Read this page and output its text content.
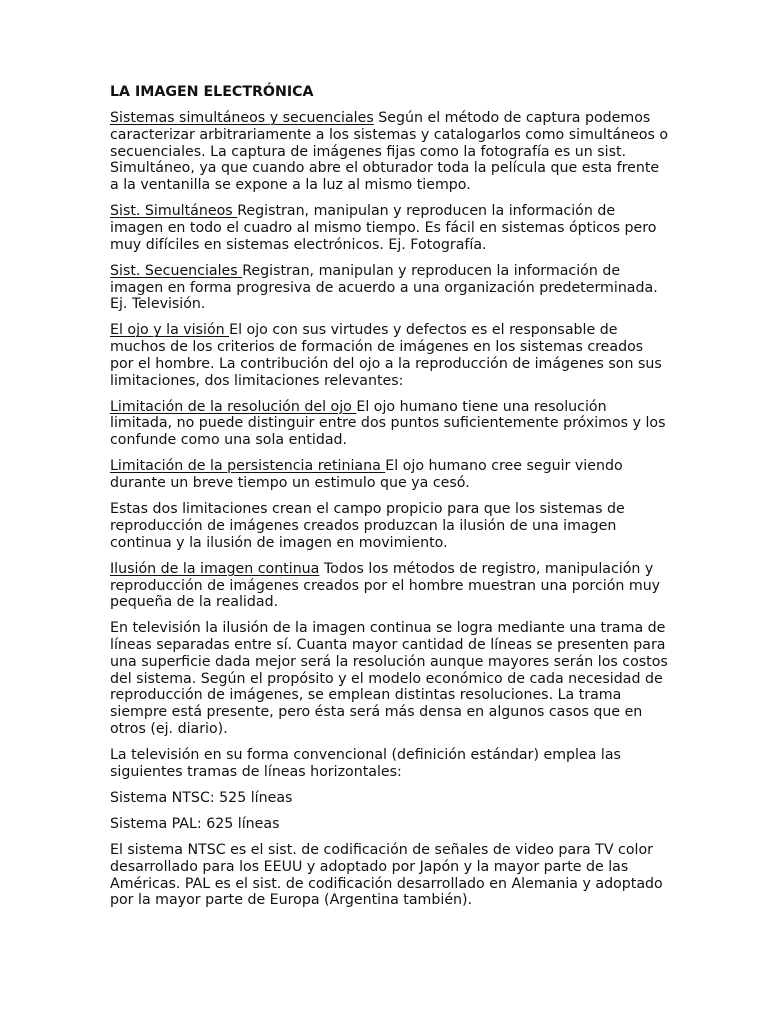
LA IMAGEN ELECTRÓNICA

Sistemas simultáneos y secuenciales Según el método de captura podemos caracterizar arbitrariamente a los sistemas y catalogarlos como simultáneos o secuenciales. La captura de imágenes fijas como la fotografía es un sist. Simultáneo, ya que cuando abre el obturador toda la película que esta frente a la ventanilla se expone a la luz al mismo tiempo.

Sist. Simultáneos Registran, manipulan y reproducen la información de imagen en todo el cuadro al mismo tiempo. Es fácil en sistemas ópticos pero muy difíciles en sistemas electrónicos. Ej. Fotografía.

Sist. Secuenciales Registran, manipulan y reproducen la información de imagen en forma progresiva de acuerdo a una organización predeterminada. Ej. Televisión.

El ojo y la visión El ojo con sus virtudes y defectos es el responsable de muchos de los criterios de formación de imágenes en los sistemas creados por el hombre. La contribución del ojo a la reproducción de imágenes son sus limitaciones, dos limitaciones relevantes:

Limitación de la resolución del ojo El ojo humano tiene una resolución limitada, no puede distinguir entre dos puntos suficientemente próximos y los confunde como una sola entidad.

Limitación de la persistencia retiniana El ojo humano cree seguir viendo durante un breve tiempo un estimulo que ya cesó.

Estas dos limitaciones crean el campo propicio para que los sistemas de reproducción de imágenes creados produzcan la ilusión de una imagen continua y la ilusión de imagen en movimiento.

Ilusión de la imagen continua Todos los métodos de registro, manipulación y reproducción de imágenes creados por el hombre muestran una porción muy pequeña de la realidad.

En televisión la ilusión de la imagen continua se logra mediante una trama de líneas separadas entre sí. Cuanta mayor cantidad de líneas se presenten para una superficie dada mejor será la resolución aunque mayores serán los costos del sistema. Según el propósito y el modelo económico de cada necesidad de reproducción de imágenes, se emplean distintas resoluciones. La trama siempre está presente, pero ésta será más densa en algunos casos que en otros (ej. diario).

La televisión en su forma convencional (definición estándar) emplea las siguientes tramas de líneas horizontales:

Sistema NTSC: 525 líneas

Sistema PAL: 625 líneas

El sistema NTSC es el sist. de codificación de señales de video para TV color desarrollado para los EEUU y adoptado por Japón y la mayor parte de las Américas. PAL es el sist. de codificación desarrollado en Alemania y adoptado por la mayor parte de Europa (Argentina también).
